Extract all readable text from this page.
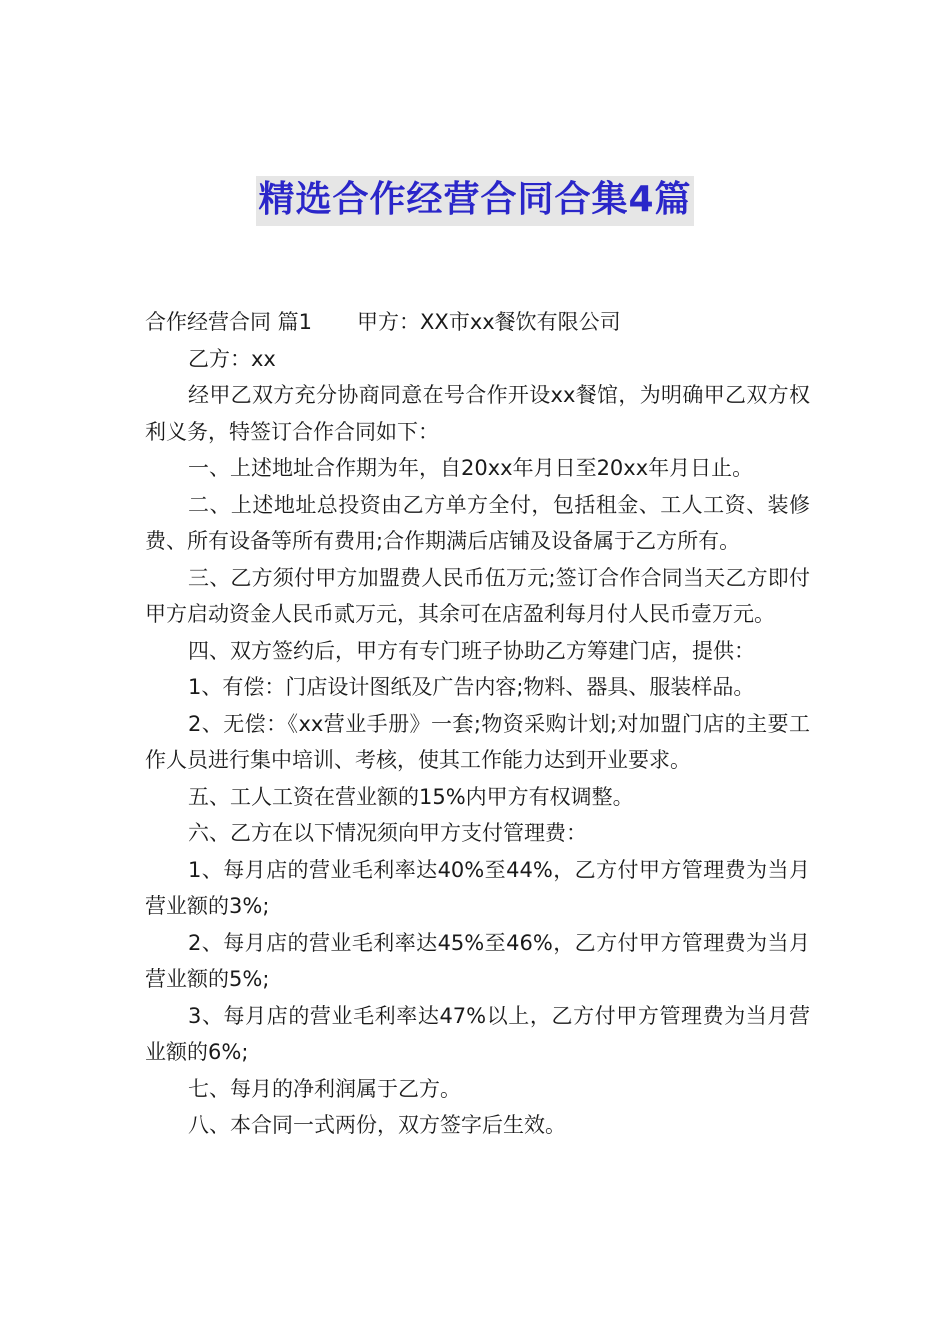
精选合作经营合同合集4篇

合作经营合同 篇1 甲方：XX市xx餐饮有限公司

乙方：xx

经甲乙双方充分协商同意在号合作开设xx餐馆，为明确甲乙双方权利义务，特签订合作合同如下：

一、上述地址合作期为年，自20xx年月日至20xx年月日止。

二、上述地址总投资由乙方单方全付，包括租金、工人工资、装修费、所有设备等所有费用;合作期满后店铺及设备属于乙方所有。

三、乙方须付甲方加盟费人民币伍万元;签订合作合同当天乙方即付甲方启动资金人民币贰万元，其余可在店盈利每月付人民币壹万元。

四、双方签约后，甲方有专门班子协助乙方筹建门店，提供：

1、有偿：门店设计图纸及广告内容;物料、器具、服装样品。

2、无偿：《xx营业手册》一套;物资采购计划;对加盟门店的主要工作人员进行集中培训、考核，使其工作能力达到开业要求。

五、工人工资在营业额的15%内甲方有权调整。

六、乙方在以下情况须向甲方支付管理费：

1、每月店的营业毛利率达40%至44%，乙方付甲方管理费为当月营业额的3%;

2、每月店的营业毛利率达45%至46%，乙方付甲方管理费为当月营业额的5%;

3、每月店的营业毛利率达47%以上，乙方付甲方管理费为当月营业额的6%;

七、每月的净利润属于乙方。

八、本合同一式两份，双方签字后生效。
